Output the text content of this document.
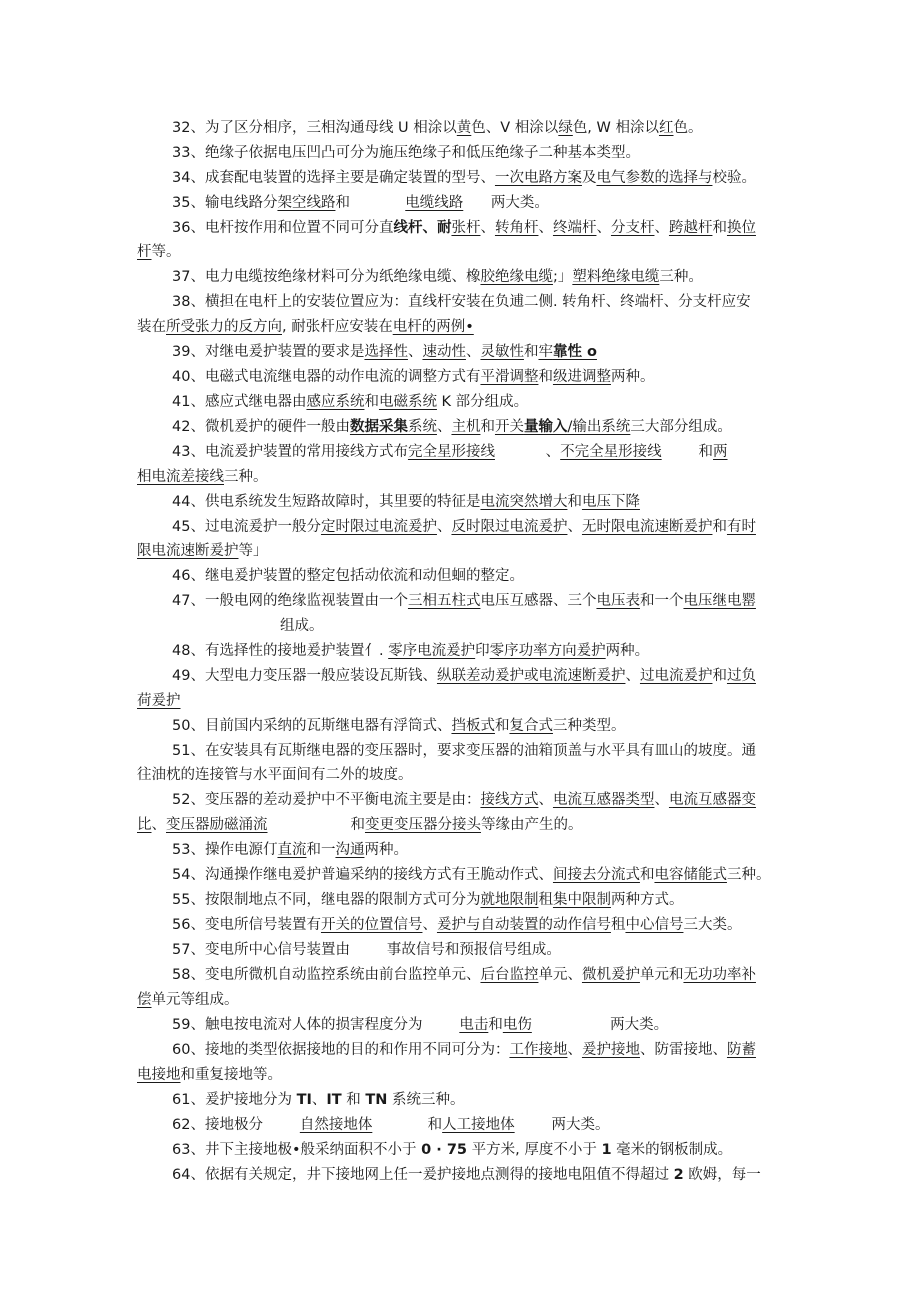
32、为了区分相序，三相沟通母线 U 相涂以黄色、V 相涂以绿色, W 相涂以红色。
33、绝缘子依据电压凹凸可分为施压绝缘子和低压绝缘子二种基本类型。
34、成套配电装置的选择主要是确定装置的型号、一次电路方案及电气参数的选择与校验。
35、输电线路分架空线路和            电缆线路      两大类。
36、电杆按作用和位置不同可分直线杆、耐张杆、转角杆、终端杆、分支杆、跨越杆和换位
杆等。
37、电力电缆按绝缘材料可分为纸绝缘电缆、橡胶绝缘电缆;」塑料绝缘电缆三种。
38、横担在电杆上的安装位置应为：直线杆安装在负逋二侧. 转角杆、终端杆、分支杆应安
装在所受张力的反方向, 耐张杆应安装在电杆的两例•
39、对继电爰护装置的要求是选择性、速动性、灵敏性和牢靠性 o
40、电磁式电流继电器的动作电流的调整方式有平滑调整和级进调整两种。
41、感应式继电器由感应系统和电磁系统 K 部分组成。
42、微机爰护的硬件一般由数据采集系统、主机和开关量输入/输出系统三大部分组成。
43、电流爰护装置的常用接线方式布完全星形接线           、不完全星形接线        和两
相电流差接线三种。
44、供电系统发生短路故障时，其里要的特征是电流突然增大和电压下降
45、过电流爰护一般分定时限过电流爰护、反时限过电流爰护、无时限电流速断爰护和有时
限电流速断爰护等」
46、继电爰护装置的整定包括动依流和动但蛔的整定。
47、一般电网的绝缘监视装置由一个三相五柱式电压互感器、三个电压表和一个电压继电罂
组成。
48、有选择性的接地爰护装置亻. 零序电流爰护印零序功率方向爰护两种。
49、大型电力变压器一般应装设瓦斯钱、纵联差动爰护或电流速断爰护、过电流爰护和过负
荷爰护
50、目前国内采纳的瓦斯继电器有浮筒式、挡板式和复合式三种类型。
51、在安装具有瓦斯继电器的变压器时，要求变压器的油箱顶盖与水平具有皿山的坡度。通
往油枕的连接管与水平面间有二外的坡度。
52、变压器的差动爰护中不平衡电流主要是由：接线方式、电流互感器类型、电流互感器变
比、变压器励磁涌流                  和变更变压器分接头等缘由产生的。
53、操作电源仃直流和一沟通两种。
54、沟通操作继电爰护普遍采纳的接线方式有王脆动作式、间接去分流式和电容储能式三种。
55、按限制地点不同，继电器的限制方式可分为就地限制租集中限制两种方式。
56、变电所信号装置有开关的位置信号、爰护与自动装置的动作信号租中心信号三大类。
57、变电所中心信号装置由        事故信号和预报信号组成。
58、变电所微机自动监控系统由前台监控单元、后台监控单元、微机爰护单元和无功功率补
偿单元等组成。
59、触电按电流对人体的损害程度分为        电击和电伤                 两大类。
60、接地的类型依据接地的目的和作用不同可分为：工作接地、爰护接地、防雷接地、防蓄
电接地和重复接地等。
61、爰护接地分为 TI、IT 和 TN 系统三种。
62、接地极分        自然接地体            和人工接地体        两大类。
63、井下主接地极•般采纳面积不小于 0 · 75 平方米, 厚度不小于 1 毫米的钢板制成。
64、依据有关规定，井下接地网上任一爰护接地点测得的接地电阻值不得超过 2 欧姆，每一
